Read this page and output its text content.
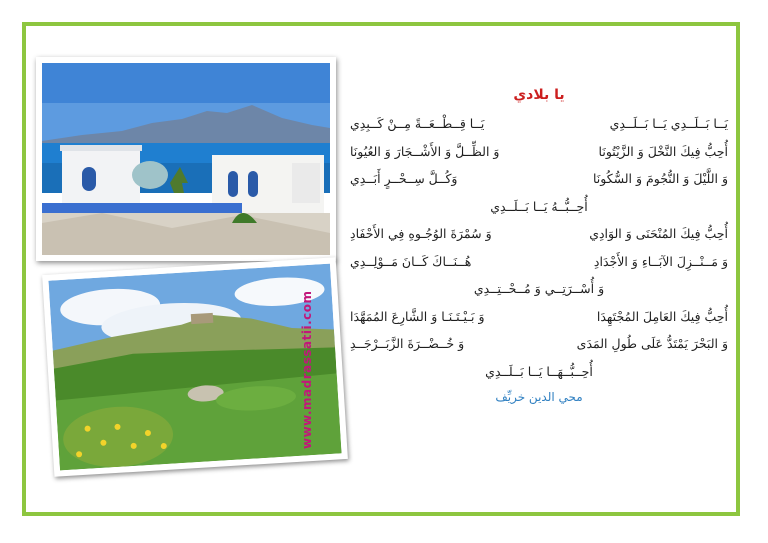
www.madrassatii.com
يا بلادي
يَــا بَــلَــدِي يَــا بَــلَــدِي
يَــا قِــطْــعَــةً مِــنْ كَــبِدِي
أُحِبُّ فِيكَ النَّخْلَ وَ الزَّيْتُونَا
وَ الظِّــلَّ وَ الأَشْــجَارَ وَ العُيُونَا
وَ اللَّيْلَ وَ النُّجُومَ وَ السُّكُونَا
وَكُــلَّ سِــحْــرٍ أَبَــدِي
أُحِــبُّــهُ يَــا بَــلَــدِي
أُحِبُّ فِيكَ المُنْحَنَى وَ الوَادِي
وَ سُمْرَةَ الوُجُـوهِ فِي الأَحْفَادِ
وَ مَــنْــزِلَ الآبَــاءِ وَ الأَجْدَادِ
هُــنَــاكَ كَــانَ مَــوْلِــدِي
وَ أُسْــرَتِــي وَ مُــحْــتِــدِي
أُحِبُّ فِيكَ العَامِلَ المُجْتَهِدَا
وَ بَـيْـتَـنَـا وَ الشَّارِعَ المُمَهَّدَا
وَ البَحْرَ يَمْتَدُّ عَلَى طُولِ المَدَى
وَ خُــضْــرَةَ الزَّبَــرْجَــدِ
أُحِــبُّــهَــا يَــا بَــلَــدِي
محي الدين خريِّف
